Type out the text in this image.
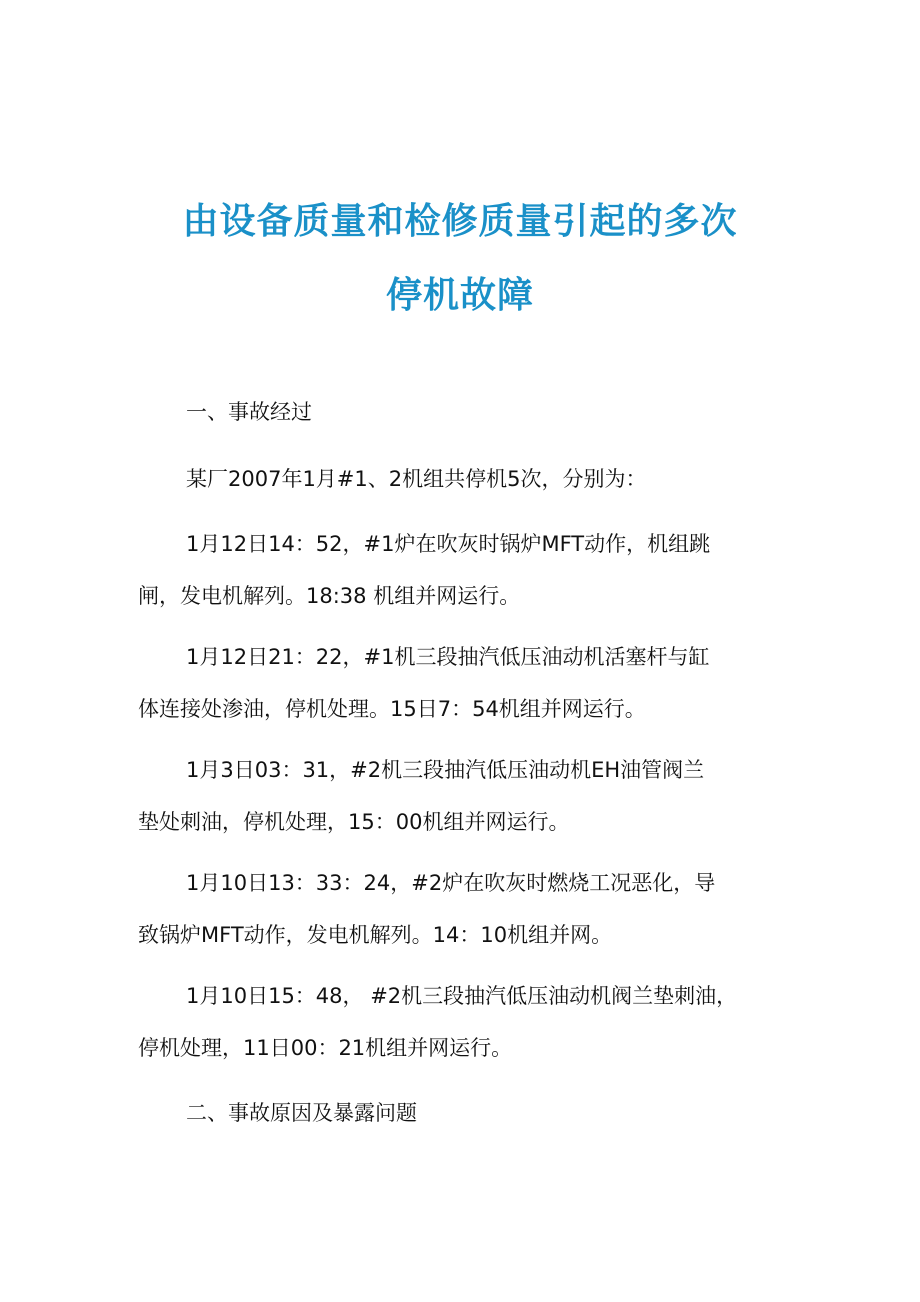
由设备质量和检修质量引起的多次
停机故障
一、事故经过
某厂2007年1月#1、2机组共停机5次，分别为：
1月12日14：52，#1炉在吹灰时锅炉MFT动作，机组跳
闸，发电机解列。18:38 机组并网运行。
1月12日21：22，#1机三段抽汽低压油动机活塞杆与缸
体连接处渗油，停机处理。15日7：54机组并网运行。
1月3日03：31，#2机三段抽汽低压油动机EH油管阀兰
垫处刺油，停机处理，15：00机组并网运行。
1月10日13：33：24，#2炉在吹灰时燃烧工况恶化，导
致锅炉MFT动作，发电机解列。14：10机组并网。
1月10日15：48， #2机三段抽汽低压油动机阀兰垫刺油，
停机处理，11日00：21机组并网运行。
二、事故原因及暴露问题
